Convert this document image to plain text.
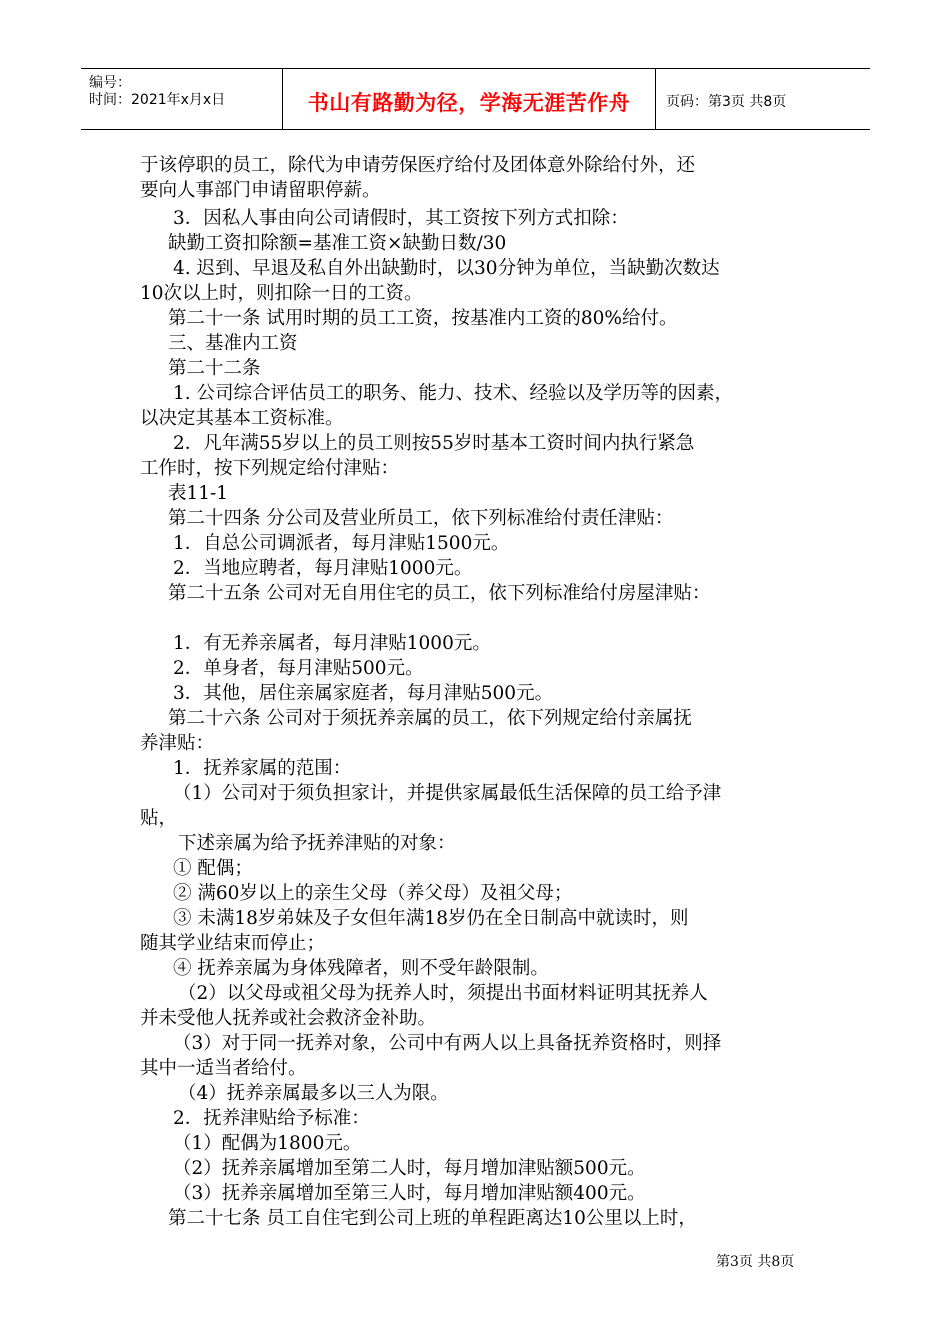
编号：
时间：2021年x月x日	书山有路勤为径，学海无涯苦作舟	页码：第3页 共8页
于该停职的员工，除代为申请劳保医疗给付及团体意外除给付外，还
要向人事部门申请留职停薪。
3．因私人事由向公司请假时，其工资按下列方式扣除：
缺勤工资扣除额=基准工资×缺勤日数/30
4. 迟到、早退及私自外出缺勤时，以30分钟为单位，当缺勤次数达
10次以上时，则扣除一日的工资。
第二十一条 试用时期的员工工资，按基准内工资的80%给付。
三、基准内工资
第二十二条
1. 公司综合评估员工的职务、能力、技术、经验以及学历等的因素，
以决定其基本工资标准。
2．凡年满55岁以上的员工则按55岁时基本工资时间内执行紧急
工作时，按下列规定给付津贴：
表11-1
第二十四条 分公司及营业所员工，依下列标准给付责任津贴：
1．自总公司调派者，每月津贴1500元。
2．当地应聘者，每月津贴1000元。
第二十五条 公司对无自用住宅的员工，依下列标准给付房屋津贴：
1．有无养亲属者，每月津贴1000元。
2．单身者，每月津贴500元。
3．其他，居住亲属家庭者，每月津贴500元。
第二十六条 公司对于须抚养亲属的员工，依下列规定给付亲属抚
养津贴：
1．抚养家属的范围：
（1）公司对于须负担家计，并提供家属最低生活保障的员工给予津
贴，
下述亲属为给予抚养津贴的对象：
① 配偶；
② 满60岁以上的亲生父母（养父母）及祖父母；
③ 未满18岁弟妹及子女但年满18岁仍在全日制高中就读时，则
随其学业结束而停止；
④ 抚养亲属为身体残障者，则不受年龄限制。
（2）以父母或祖父母为抚养人时，须提出书面材料证明其抚养人
并未受他人抚养或社会救济金补助。
（3）对于同一抚养对象，公司中有两人以上具备抚养资格时，则择
其中一适当者给付。
（4）抚养亲属最多以三人为限。
2．抚养津贴给予标准：
（1）配偶为1800元。
（2）抚养亲属增加至第二人时，每月增加津贴额500元。
（3）抚养亲属增加至第三人时，每月增加津贴额400元。
第二十七条 员工自住宅到公司上班的单程距离达10公里以上时，
第3页 共8页
